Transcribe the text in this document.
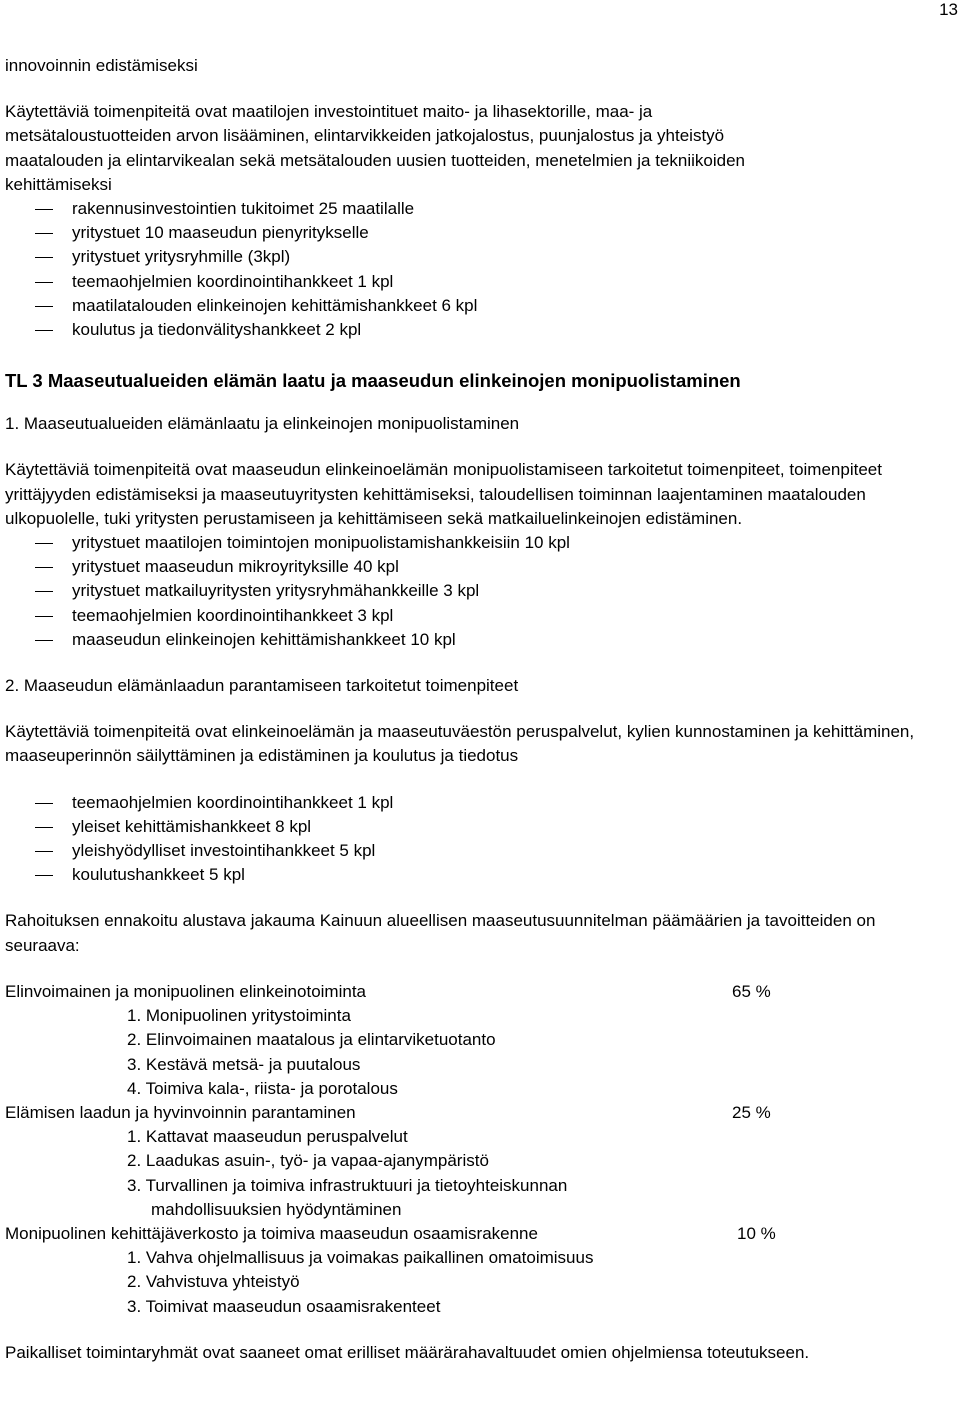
13

innovoinnin edistämiseksi

Käytettäviä toimenpiteitä ovat maatilojen investointituet maito- ja lihasektorille, maa- ja metsätaloustuotteiden arvon lisääminen, elintarvikkeiden jatkojalostus, puunjalostus ja yhteistyö maatalouden ja elintarvikealan sekä metsätalouden uusien tuotteiden, menetelmien ja tekniikoiden kehittämiseksi

rakennusinvestointien tukitoimet 25 maatilalle
yritystuet 10 maaseudun pienyritykselle
yritystuet yritysryhmille (3kpl)
teemaohjelmien koordinointihankkeet 1 kpl
maatilatalouden elinkeinojen kehittämishankkeet 6 kpl
koulutus ja tiedonvälityshankkeet 2 kpl
TL 3 Maaseutualueiden elämän laatu ja maaseudun elinkeinojen monipuolistaminen

1. Maaseutualueiden elämänlaatu ja elinkeinojen monipuolistaminen

Käytettäviä toimenpiteitä ovat maaseudun elinkeinoelämän monipuolistamiseen tarkoitetut toimenpiteet, toimenpiteet yrittäjyyden edistämiseksi ja maaseutuyritysten kehittämiseksi, taloudellisen toiminnan laajentaminen maatalouden ulkopuolelle, tuki yritysten perustamiseen ja kehittämiseen sekä matkailuelinkeinojen edistäminen.

yritystuet maatilojen toimintojen monipuolistamishankkeisiin 10 kpl
yritystuet maaseudun mikroyrityksille 40 kpl
yritystuet matkailuyritysten yritysryhmähankkeille 3 kpl
teemaohjelmien koordinointihankkeet 3 kpl
maaseudun elinkeinojen kehittämishankkeet 10 kpl

2. Maaseudun elämänlaadun parantamiseen tarkoitetut toimenpiteet

Käytettäviä toimenpiteitä ovat elinkeinoelämän ja maaseutuväestön peruspalvelut, kylien kunnostaminen ja kehittäminen, maaseuperinnön säilyttäminen ja edistäminen ja koulutus ja tiedotus

teemaohjelmien koordinointihankkeet 1 kpl
yleiset kehittämishankkeet 8 kpl
yleishyödylliset investointihankkeet 5 kpl
koulutushankkeet 5 kpl

Rahoituksen ennakoitu alustava jakauma Kainuun alueellisen maaseutusuunnitelman päämäärien ja tavoitteiden on seuraava:

Elinvoimainen ja monipuolinen elinkeinotoiminta	65 %
1. Monipuolinen yritystoiminta
2. Elinvoimainen maatalous ja elintarviketuotanto
3. Kestävä metsä- ja puutalous
4. Toimiva kala-, riista- ja porotalous
Elämisen laadun ja hyvinvoinnin parantaminen	25 %
1. Kattavat maaseudun peruspalvelut
2. Laadukas asuin-, työ- ja vapaa-ajanympäristö
3. Turvallinen ja toimiva infrastruktuuri ja tietoyhteiskunnan
mahdollisuuksien hyödyntäminen
Monipuolinen kehittäjäverkosto ja toimiva maaseudun osaamisrakenne	10 %
1. Vahva ohjelmallisuus ja voimakas paikallinen omatoimisuus
2. Vahvistuva yhteistyö
3. Toimivat maaseudun osaamisrakenteet

Paikalliset toimintaryhmät ovat saaneet omat erilliset määrärahavaltuudet omien ohjelmiensa toteutukseen.
